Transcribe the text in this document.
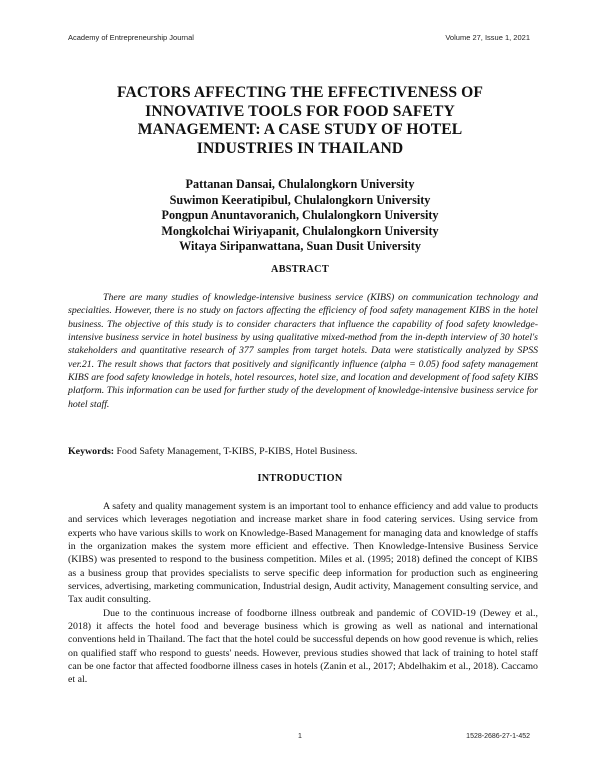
Academy of Entrepreneurship Journal	Volume 27, Issue 1, 2021
FACTORS AFFECTING THE EFFECTIVENESS OF
INNOVATIVE TOOLS FOR FOOD SAFETY
MANAGEMENT: A CASE STUDY OF HOTEL
INDUSTRIES IN THAILAND
Pattanan Dansai, Chulalongkorn University
Suwimon Keeratipibul, Chulalongkorn University
Pongpun Anuntavoranich, Chulalongkorn University
Mongkolchai Wiriyapanit, Chulalongkorn University
Witaya Siripanwattana, Suan Dusit University
ABSTRACT

There are many studies of knowledge-intensive business service (KIBS) on communication technology and specialties. However, there is no study on factors affecting the efficiency of food safety management KIBS in the hotel business. The objective of this study is to consider characters that influence the capability of food safety knowledge-intensive business service in hotel business by using qualitative mixed-method from the in-depth interview of 30 hotel's stakeholders and quantitative research of 377 samples from target hotels. Data were statistically analyzed by SPSS ver.21. The result shows that factors that positively and significantly influence (alpha = 0.05) food safety management KIBS are food safety knowledge in hotels, hotel resources, hotel size, and location and development of food safety KIBS platform. This information can be used for further study of the development of knowledge-intensive business service for hotel staff.

Keywords: Food Safety Management, T-KIBS, P-KIBS, Hotel Business.

INTRODUCTION

A safety and quality management system is an important tool to enhance efficiency and add value to products and services which leverages negotiation and increase market share in food catering services. Using service from experts who have various skills to work on Knowledge-Based Management for managing data and knowledge of staffs in the organization makes the system more efficient and effective. Then Knowledge-Intensive Business Service (KIBS) was presented to respond to the business competition. Miles et al. (1995; 2018) defined the concept of KIBS as a business group that provides specialists to serve specific deep information for production such as engineering services, advertising, marketing communication, Industrial design, Audit activity, Management consulting service, and Tax audit consulting.

Due to the continuous increase of foodborne illness outbreak and pandemic of COVID-19 (Dewey et al., 2018) it affects the hotel food and beverage business which is growing as well as national and international conventions held in Thailand. The fact that the hotel could be successful depends on how good revenue is which, relies on qualified staff who respond to guests' needs. However, previous studies showed that lack of training to hotel staff can be one factor that affected foodborne illness cases in hotels (Zanin et al., 2017; Abdelhakim et al., 2018). Caccamo et al.

1	1528-2686-27-1-452
